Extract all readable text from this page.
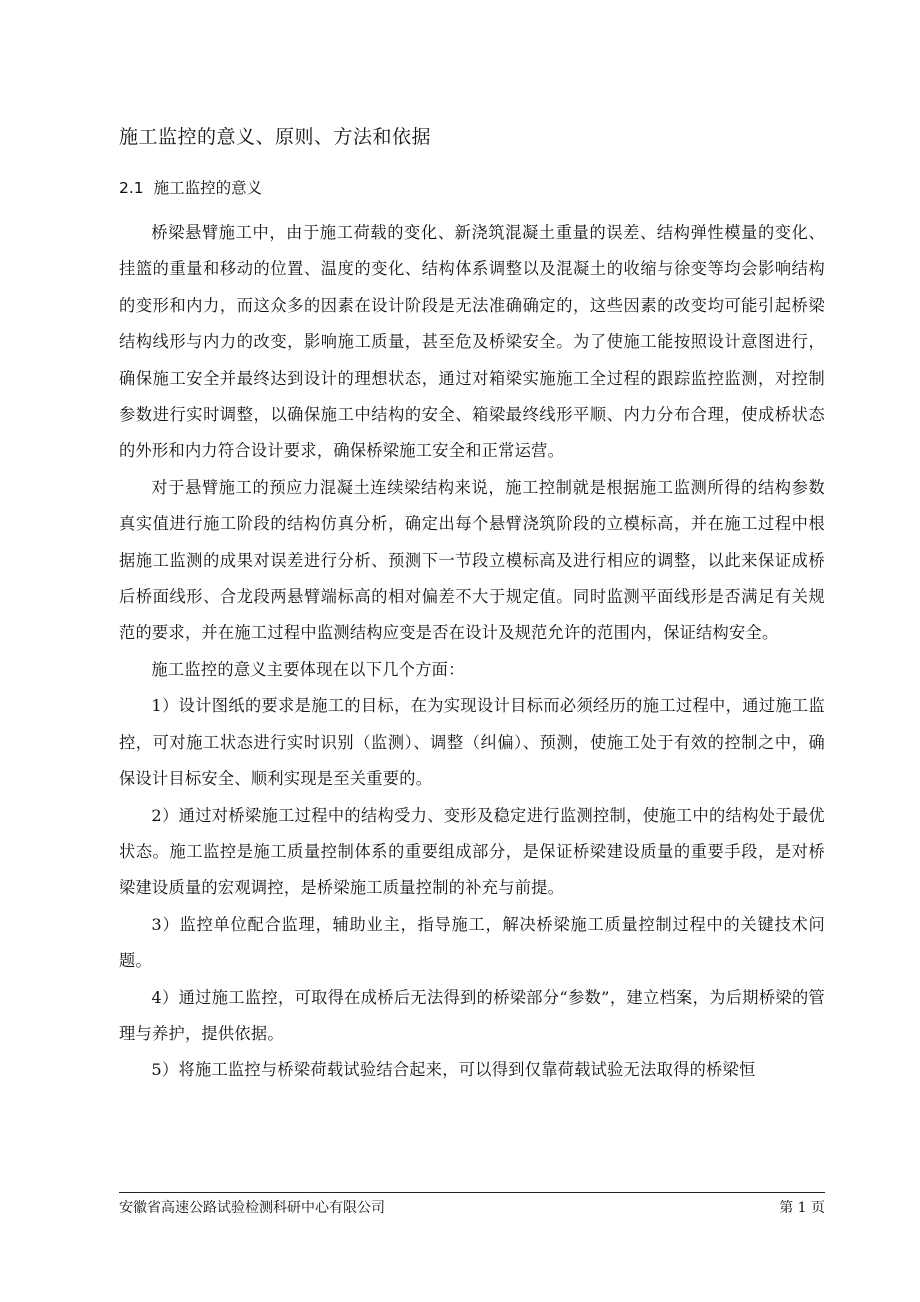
施工监控的意义、原则、方法和依据
2.1 施工监控的意义

桥梁悬臂施工中，由于施工荷载的变化、新浇筑混凝土重量的误差、结构弹性模量的变化、挂篮的重量和移动的位置、温度的变化、结构体系调整以及混凝土的收缩与徐变等均会影响结构的变形和内力，而这众多的因素在设计阶段是无法准确确定的，这些因素的改变均可能引起桥梁结构线形与内力的改变，影响施工质量，甚至危及桥梁安全。为了使施工能按照设计意图进行，确保施工安全并最终达到设计的理想状态，通过对箱梁实施施工全过程的跟踪监控监测，对控制参数进行实时调整，以确保施工中结构的安全、箱梁最终线形平顺、内力分布合理，使成桥状态的外形和内力符合设计要求，确保桥梁施工安全和正常运营。

对于悬臂施工的预应力混凝土连续梁结构来说，施工控制就是根据施工监测所得的结构参数真实值进行施工阶段的结构仿真分析，确定出每个悬臂浇筑阶段的立模标高，并在施工过程中根据施工监测的成果对误差进行分析、预测下一节段立模标高及进行相应的调整，以此来保证成桥后桥面线形、合龙段两悬臂端标高的相对偏差不大于规定值。同时监测平面线形是否满足有关规范的要求，并在施工过程中监测结构应变是否在设计及规范允许的范围内，保证结构安全。

施工监控的意义主要体现在以下几个方面：

1）设计图纸的要求是施工的目标，在为实现设计目标而必须经历的施工过程中，通过施工监控，可对施工状态进行实时识别（监测）、调整（纠偏）、预测，使施工处于有效的控制之中，确保设计目标安全、顺利实现是至关重要的。

2）通过对桥梁施工过程中的结构受力、变形及稳定进行监测控制，使施工中的结构处于最优状态。施工监控是施工质量控制体系的重要组成部分，是保证桥梁建设质量的重要手段，是对桥梁建设质量的宏观调控，是桥梁施工质量控制的补充与前提。

3）监控单位配合监理，辅助业主，指导施工，解决桥梁施工质量控制过程中的关键技术问题。

4）通过施工监控，可取得在成桥后无法得到的桥梁部分“参数”，建立档案，为后期桥梁的管理与养护，提供依据。

5）将施工监控与桥梁荷载试验结合起来，可以得到仅靠荷载试验无法取得的桥梁恒

安徽省高速公路试验检测科研中心有限公司	第 1 页
